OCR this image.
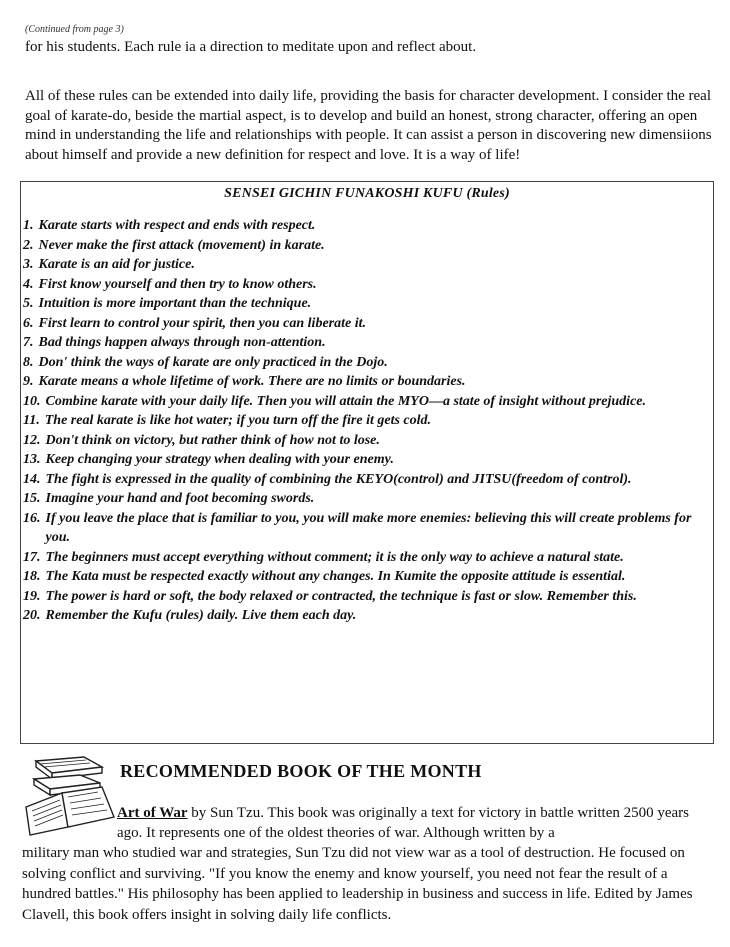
(Continued from page 3)

for his students. Each rule ia a direction to meditate upon and reflect about.

All of these rules can be extended into daily life, providing the basis for character development. I consider the real goal of karate-do, beside the martial aspect, is to develop and build an honest, strong character, offering an open mind in understanding the life and relationships with people. It can assist a person in discovering new dimensiions about himself and provide a new definition for respect and love. It is a way of life!

SENSEI GICHIN FUNAKOSHI KUFU (Rules)
1. Karate starts with respect and ends with respect.
2. Never make the first attack (movement) in karate.
3. Karate is an aid for justice.
4. First know yourself and then try to know others.
5. Intuition is more important than the technique.
6. First learn to control your spirit, then you can liberate it.
7. Bad things happen always through non-attention.
8. Don' think the ways of karate are only practiced in the Dojo.
9. Karate means a whole lifetime of work. There are no limits or boundaries.
10. Combine karate with your daily life. Then you will attain the MYO—a state of insight without prejudice.
11. The real karate is like hot water; if you turn off the fire it gets cold.
12. Don't think on victory, but rather think of how not to lose.
13. Keep changing your strategy when dealing with your enemy.
14. The fight is expressed in the quality of combining the KEYO(control) and JITSU(freedom of control).
15. Imagine your hand and foot becoming swords.
16. If you leave the place that is familiar to you, you will make more enemies: believing this will create problems for you.
17. The beginners must accept everything without comment; it is the only way to achieve a natural state.
18. The Kata must be respected exactly without any changes. In Kumite the opposite attitude is essential.
19. The power is hard or soft, the body relaxed or contracted, the technique is fast or slow. Remember this.
20. Remember the Kufu (rules) daily. Live them each day.
RECOMMENDED BOOK OF THE MONTH

Art of War by Sun Tzu. This book was originally a text for victory in battle written 2500 years ago. It represents one of the oldest theories of war. Although written by a

military man who studied war and strategies, Sun Tzu did not view war as a tool of destruction. He focused on solving conflict and surviving. "If you know the enemy and know yourself, you need not fear the result of a hundred battles." His philosophy has been applied to leadership in business and success in life. Edited by James Clavell, this book offers insight in solving daily life conflicts.
